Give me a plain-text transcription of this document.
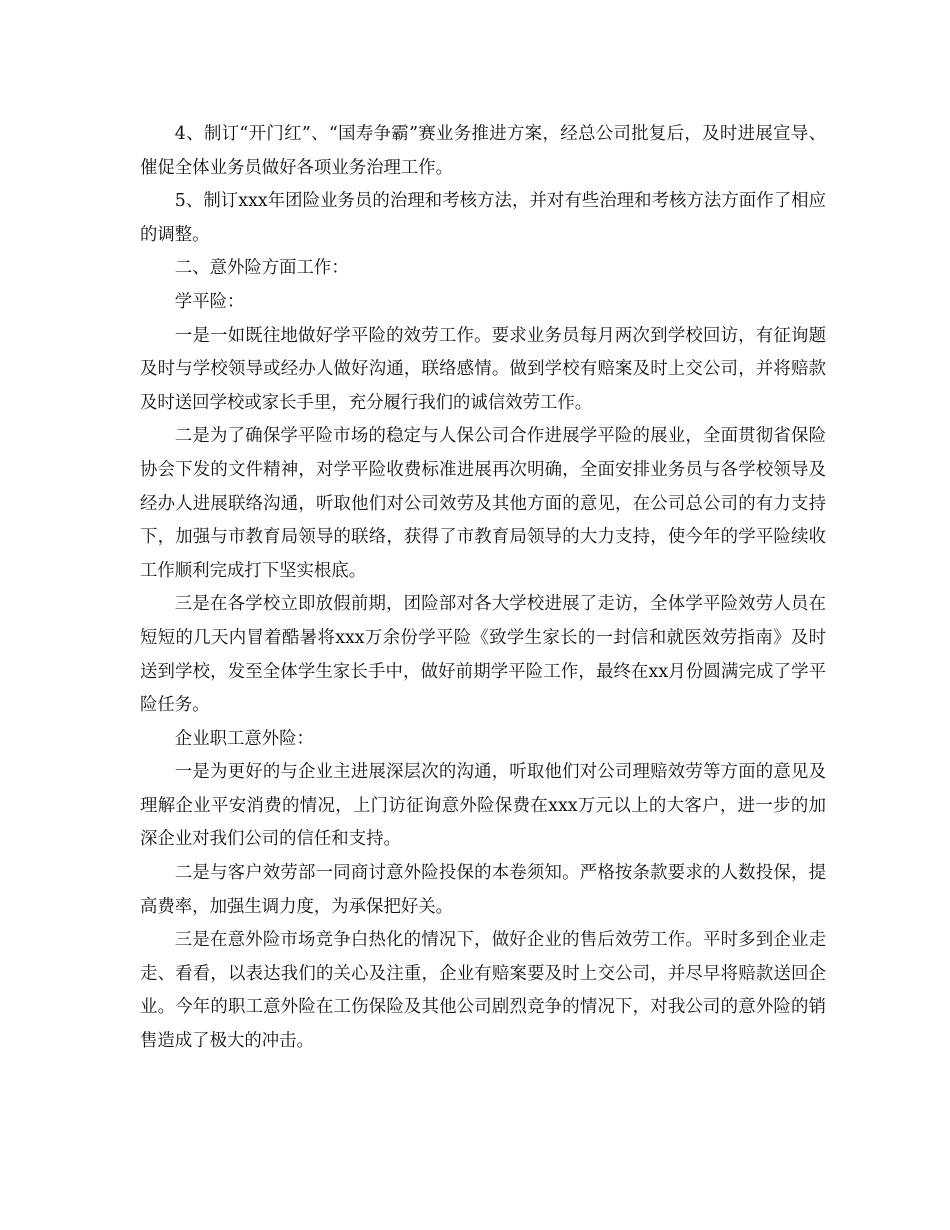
4、制订“开门红”、“国寿争霸”赛业务推进方案，经总公司批复后，及时进展宣导、催促全体业务员做好各项业务治理工作。

5、制订xxx年团险业务员的治理和考核方法，并对有些治理和考核方法方面作了相应的调整。

二、意外险方面工作：

学平险：

一是一如既往地做好学平险的效劳工作。要求业务员每月两次到学校回访，有征询题及时与学校领导或经办人做好沟通，联络感情。做到学校有赔案及时上交公司，并将赔款及时送回学校或家长手里，充分履行我们的诚信效劳工作。

二是为了确保学平险市场的稳定与人保公司合作进展学平险的展业，全面贯彻省保险协会下发的文件精神，对学平险收费标准进展再次明确，全面安排业务员与各学校领导及经办人进展联络沟通，听取他们对公司效劳及其他方面的意见，在公司总公司的有力支持下，加强与市教育局领导的联络，获得了市教育局领导的大力支持，使今年的学平险续收工作顺利完成打下坚实根底。

三是在各学校立即放假前期，团险部对各大学校进展了走访，全体学平险效劳人员在短短的几天内冒着酷暑将xxx万余份学平险《致学生家长的一封信和就医效劳指南》及时送到学校，发至全体学生家长手中，做好前期学平险工作，最终在xx月份圆满完成了学平险任务。

企业职工意外险：

一是为更好的与企业主进展深层次的沟通，听取他们对公司理赔效劳等方面的意见及理解企业平安消费的情况，上门访征询意外险保费在xxx万元以上的大客户，进一步的加深企业对我们公司的信任和支持。

二是与客户效劳部一同商讨意外险投保的本卷须知。严格按条款要求的人数投保，提高费率，加强生调力度，为承保把好关。

三是在意外险市场竞争白热化的情况下，做好企业的售后效劳工作。平时多到企业走走、看看，以表达我们的关心及注重，企业有赔案要及时上交公司，并尽早将赔款送回企业。今年的职工意外险在工伤保险及其他公司剧烈竞争的情况下，对我公司的意外险的销售造成了极大的冲击。
